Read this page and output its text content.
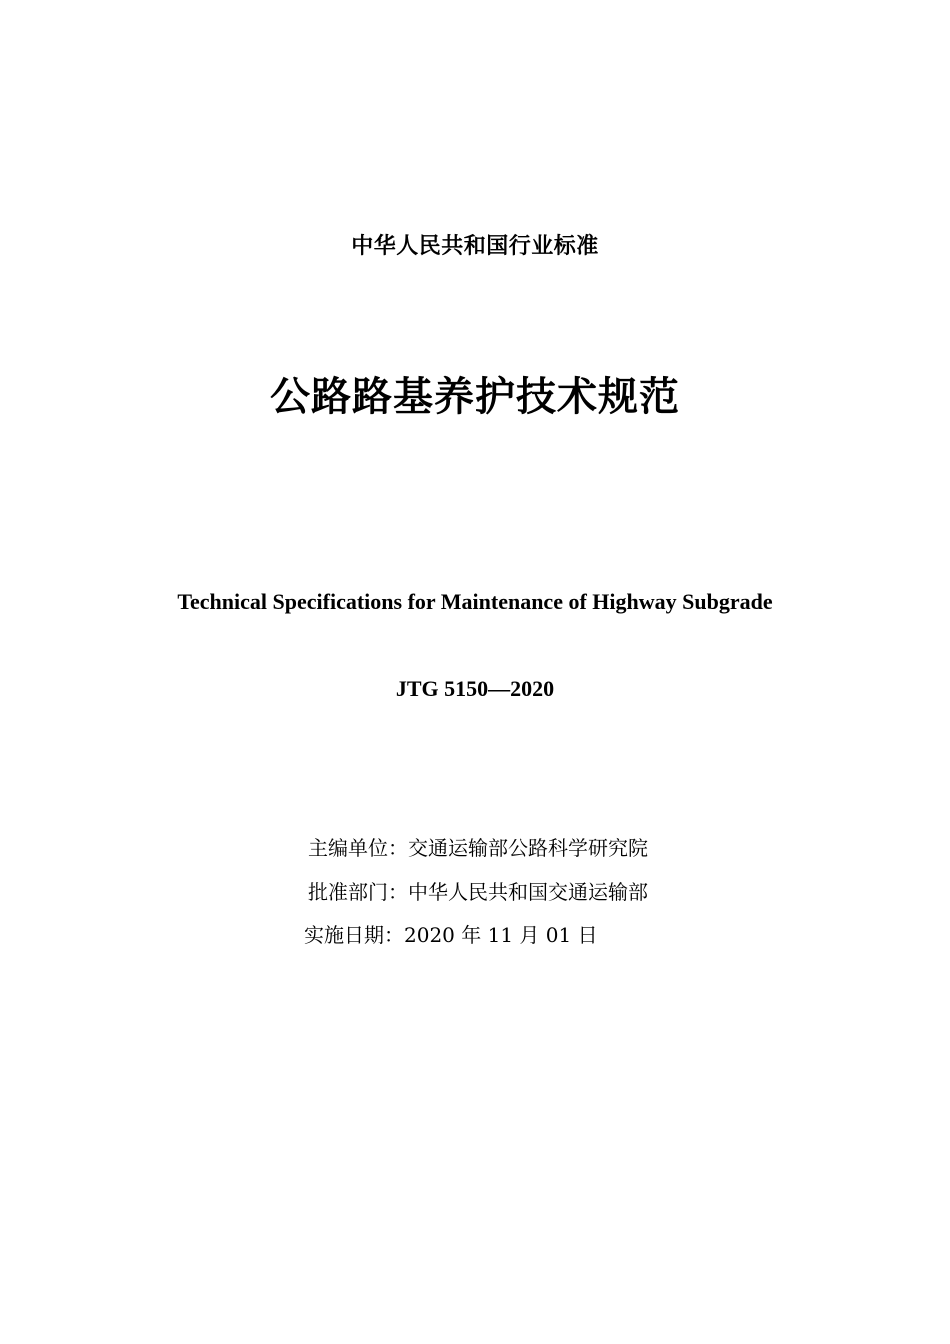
中华人民共和国行业标准
公路路基养护技术规范
Technical Specifications for Maintenance of Highway Subgrade
JTG 5150—2020
主编单位：交通运输部公路科学研究院
批准部门：中华人民共和国交通运输部
实施日期：2020 年 11 月 01 日
